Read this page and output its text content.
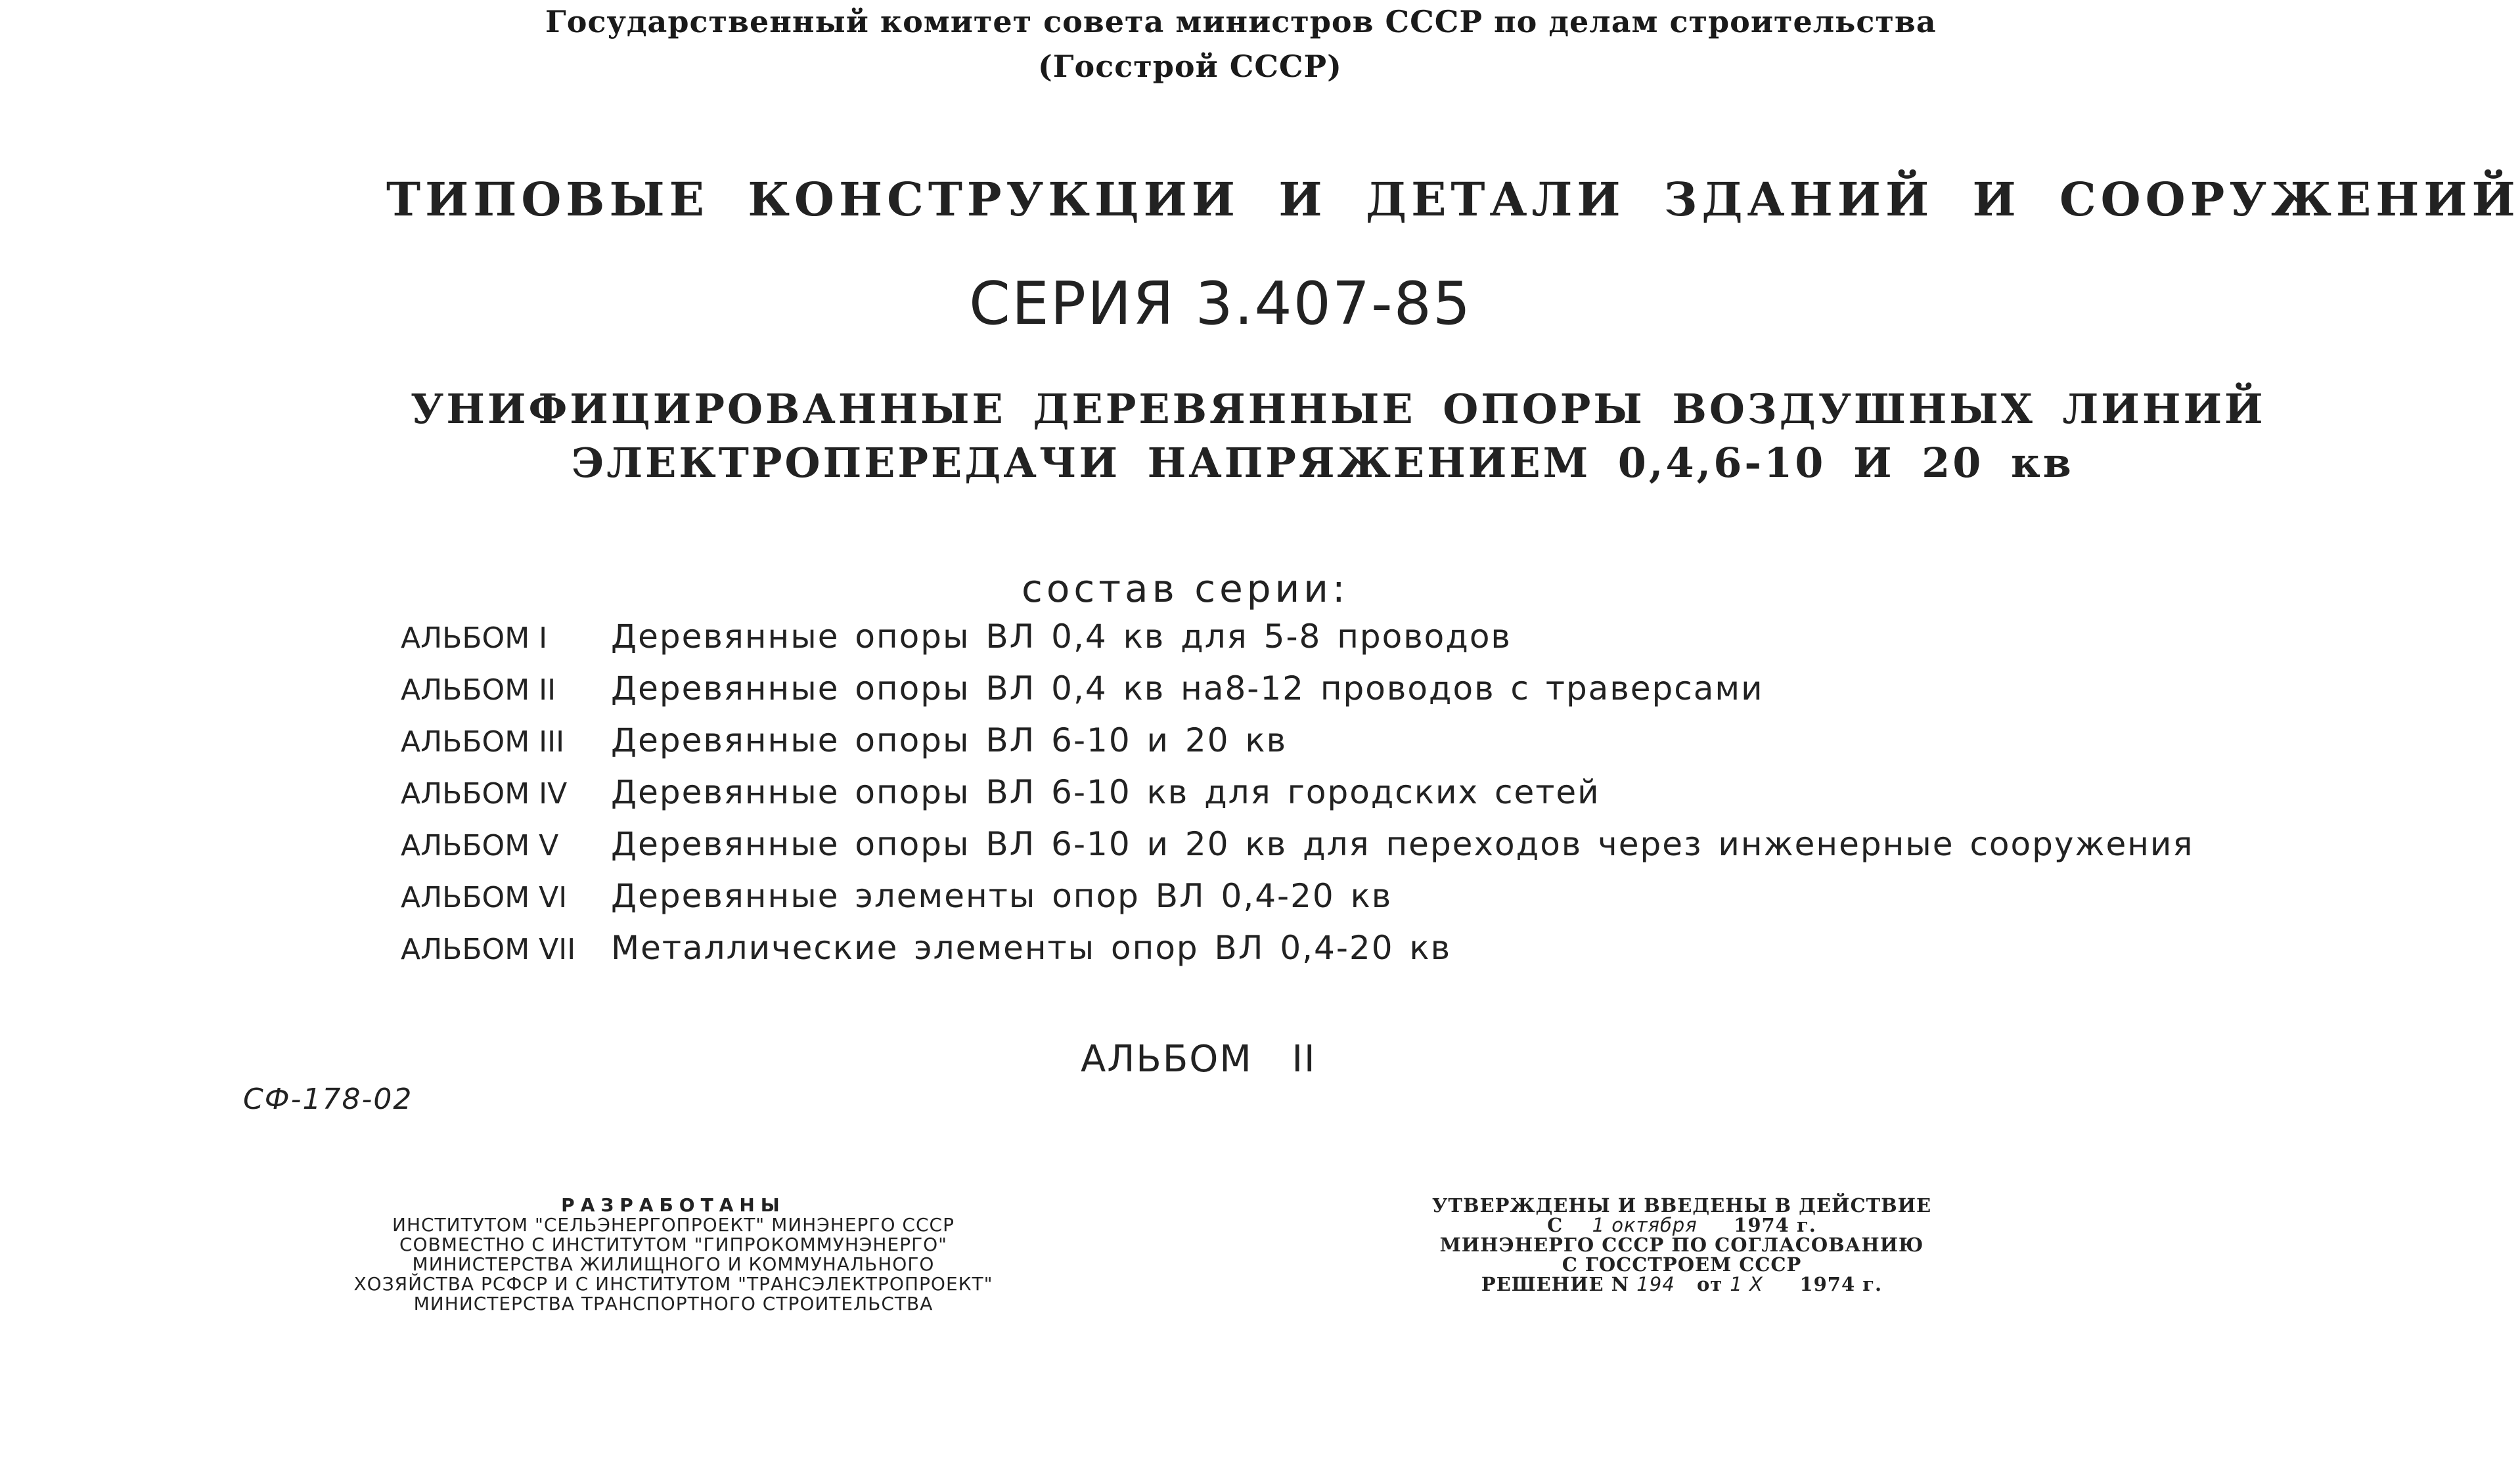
Государственный комитет совета министров СССР по делам строительства
(Госстрой СССР)
ТИПОВЫЕ КОНСТРУКЦИИ И ДЕТАЛИ ЗДАНИЙ И СООРУЖЕНИЙ
СЕРИЯ 3.407-85
УНИФИЦИРОВАННЫЕ ДЕРЕВЯННЫЕ ОПОРЫ ВОЗДУШНЫХ ЛИНИЙ
ЭЛЕКТРОПЕРЕДАЧИ НАПРЯЖЕНИЕМ 0,4,6-10 И 20 кв
состав серии:
АЛЬБОМ I Деревянные опоры ВЛ 0,4 кв для 5-8 проводов
АЛЬБОМ II Деревянные опоры ВЛ 0,4 кв на8-12 проводов с траверсами
АЛЬБОМ III Деревянные опоры ВЛ 6-10 и 20 кв
АЛЬБОМ IV Деревянные опоры ВЛ 6-10 кв для городских сетей
АЛЬБОМ V Деревянные опоры ВЛ 6-10 и 20 кв для переходов через инженерные сооружения
АЛЬБОМ VI Деревянные элементы опор ВЛ 0,4-20 кв
АЛЬБОМ VII Металлические элементы опор ВЛ 0,4-20 кв
АЛЬБОМ II
СФ-178-02
РАЗРАБОТАНЫ
ИНСТИТУТОМ "СЕЛЬЭНЕРГОПРОЕКТ" МИНЭНЕРГО СССР
СОВМЕСТНО С ИНСТИТУТОМ "ГИПРОКОММУНЭНЕРГО"
МИНИСТЕРСТВА ЖИЛИЩНОГО И КОММУНАЛЬНОГО
ХОЗЯЙСТВА РСФСР И С ИНСТИТУТОМ "ТРАНСЭЛЕКТРОПРОЕКТ"
МИНИСТЕРСТВА ТРАНСПОРТНОГО СТРОИТЕЛЬСТВА
УТВЕРЖДЕНЫ И ВВЕДЕНЫ В ДЕЙСТВИЕ
С 1 октября 1974 г.
МИНЭНЕРГО СССР ПО СОГЛАСОВАНИЮ
С ГОССТРОЕМ СССР
РЕШЕНИЕ N 194 от 1 X 1974 г.
